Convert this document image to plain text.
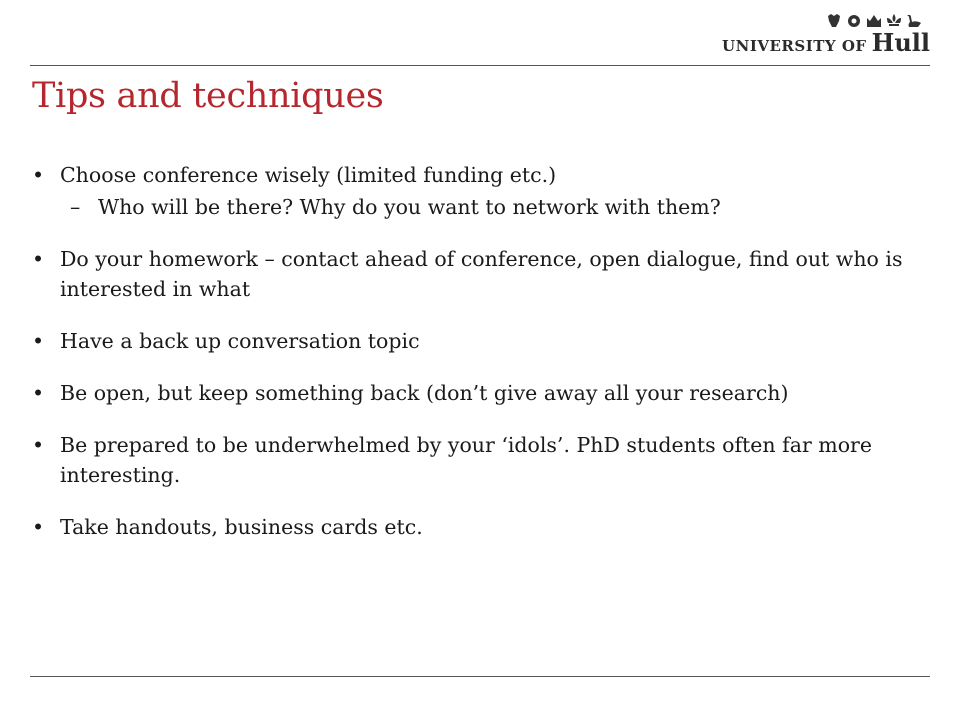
UNIVERSITY OF Hull
Tips and techniques
• Choose conference wisely (limited funding etc.)
– Who will be there? Why do you want to network with them?
• Do your homework – contact ahead of conference, open dialogue, find out who is interested in what
• Have a back up conversation topic
• Be open, but keep something back (don’t give away all your research)
• Be prepared to be underwhelmed by your ‘idols’. PhD students often far more interesting.
• Take handouts, business cards etc.
